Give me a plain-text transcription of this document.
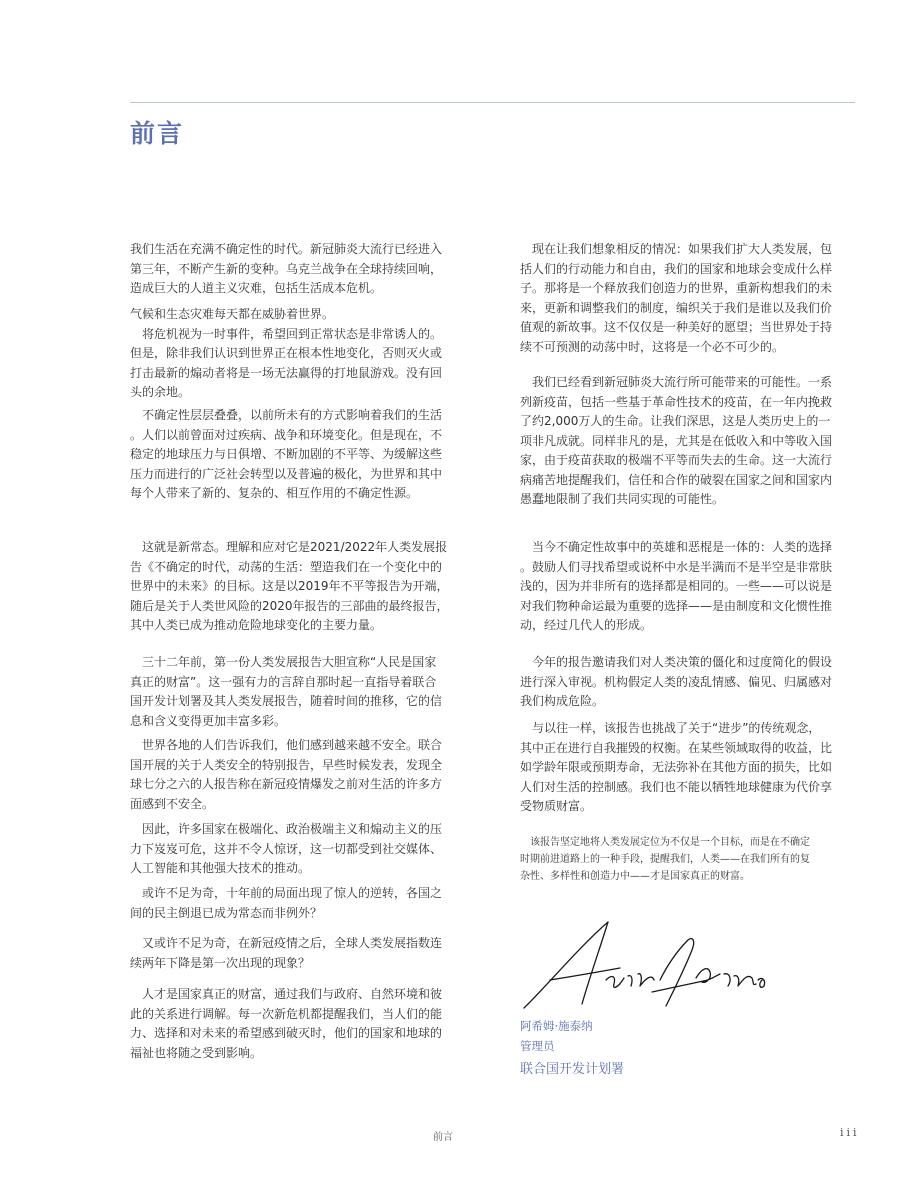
前言

我们生活在充满不确定性的时代。新冠肺炎大流行已经进入

第三年，不断产生新的变种。乌克兰战争在全球持续回响，

造成巨大的人道主义灾难，包括生活成本危机。

气候和生态灾难每天都在威胁着世界。

　将危机视为一时事件，希望回到正常状态是非常诱人的。

但是，除非我们认识到世界正在根本性地变化，否则灭火或

打击最新的煽动者将是一场无法赢得的打地鼠游戏。没有回

头的余地。

　不确定性层层叠叠，以前所未有的方式影响着我们的生活

。人们以前曾面对过疾病、战争和环境变化。但是现在，不

稳定的地球压力与日俱增、不断加剧的不平等、为缓解这些

压力而进行的广泛社会转型以及普遍的极化，为世界和其中

每个人带来了新的、复杂的、相互作用的不确定性源。

　这就是新常态。理解和应对它是2021/2022年人类发展报

告《不确定的时代，动荡的生活：塑造我们在一个变化中的

世界中的未来》的目标。这是以2019年不平等报告为开端，

随后是关于人类世风险的2020年报告的三部曲的最终报告，

其中人类已成为推动危险地球变化的主要力量。

　三十二年前，第一份人类发展报告大胆宣称“人民是国家

真正的财富”。这一强有力的言辞自那时起一直指导着联合

国开发计划署及其人类发展报告，随着时间的推移，它的信

息和含义变得更加丰富多彩。

　世界各地的人们告诉我们，他们感到越来越不安全。联合

国开展的关于人类安全的特别报告，早些时候发表，发现全

球七分之六的人报告称在新冠疫情爆发之前对生活的许多方

面感到不安全。

　因此，许多国家在极端化、政治极端主义和煽动主义的压

力下岌岌可危，这并不令人惊讶，这一切都受到社交媒体、

人工智能和其他强大技术的推动。

　或许不足为奇，十年前的局面出现了惊人的逆转，各国之

间的民主倒退已成为常态而非例外？

　又或许不足为奇，在新冠疫情之后，全球人类发展指数连

续两年下降是第一次出现的现象？

　人才是国家真正的财富，通过我们与政府、自然环境和彼

此的关系进行调解。每一次新危机都提醒我们，当人们的能

力、选择和对未来的希望感到破灭时，他们的国家和地球的

福祉也将随之受到影响。

　现在让我们想象相反的情况：如果我们扩大人类发展，包

括人们的行动能力和自由，我们的国家和地球会变成什么样

子。那将是一个释放我们创造力的世界，重新构想我们的未

来，更新和调整我们的制度，编织关于我们是谁以及我们价

值观的新故事。这不仅仅是一种美好的愿望；当世界处于持

续不可预测的动荡中时，这将是一个必不可少的。

　我们已经看到新冠肺炎大流行所可能带来的可能性。一系

列新疫苗，包括一些基于革命性技术的疫苗，在一年内挽救

了约2,000万人的生命。让我们深思，这是人类历史上的一

项非凡成就。同样非凡的是，尤其是在低收入和中等收入国

家，由于疫苗获取的极端不平等而失去的生命。这一大流行

病痛苦地提醒我们，信任和合作的破裂在国家之间和国家内

愚蠢地限制了我们共同实现的可能性。

　当今不确定性故事中的英雄和恶棍是一体的：人类的选择

。鼓励人们寻找希望或说杯中水是半满而不是半空是非常肤

浅的，因为并非所有的选择都是相同的。一些——可以说是

对我们物种命运最为重要的选择——是由制度和文化惯性推

动，经过几代人的形成。

　今年的报告邀请我们对人类决策的僵化和过度简化的假设

进行深入审视。机构假定人类的凌乱情感、偏见、归属感对

我们构成危险。

　与以往一样，该报告也挑战了关于“进步”的传统观念，

其中正在进行自我摧毁的权衡。在某些领域取得的收益，比

如学龄年限或预期寿命，无法弥补在其他方面的损失，比如

人们对生活的控制感。我们也不能以牺牲地球健康为代价享

受物质财富。

　该报告坚定地将人类发展定位为不仅是一个目标，而是在不确定

时期前进道路上的一种手段，提醒我们，人类——在我们所有的复

杂性、多样性和创造力中——才是国家真正的财富。

阿希姆·施泰纳
管理员
联合国开发计划署
前言	iii
